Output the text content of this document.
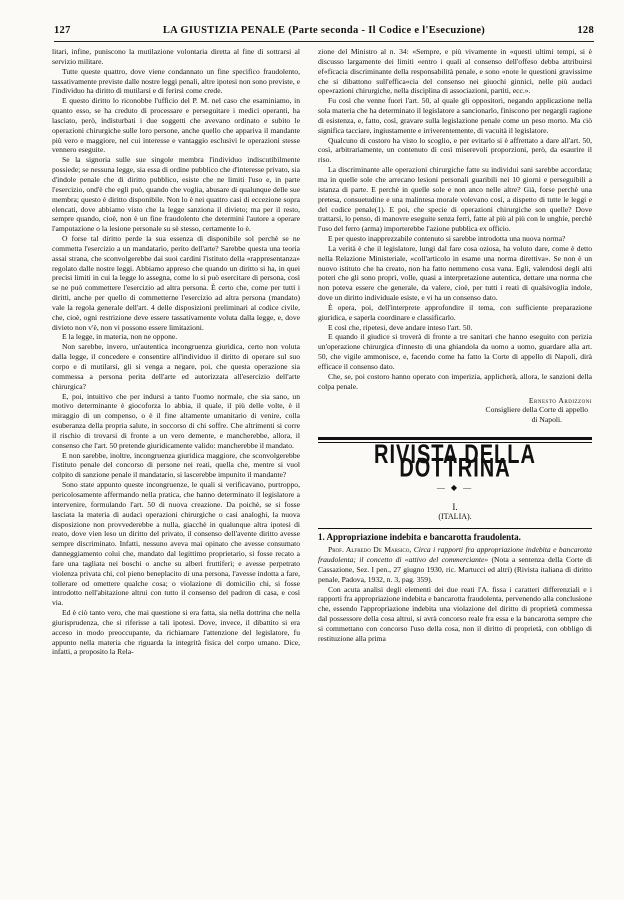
127	LA GIUSTIZIA PENALE (Parte seconda - Il Codice e l'Esecuzione)	128

litari, infine, puniscono la mutilazione volontaria diretta al fine di sottrarsi al servizio militare.

Tutte queste quattro, dove viene condannato un fine specifico fraudolento, tassativamente previste dalle nostre leggi penali, altre ipotesi non sono previste, e l'individuo ha diritto di mutilarsi e di ferirsi come crede.

E questo diritto lo riconobbe l'ufficio del P. M. nel caso che esaminiamo, in quanto esso, se ha creduto di processare e perseguitare i medici operanti, ha lasciato, però, indisturbati i due soggetti che avevano ordinato e subito le operazioni chirurgiche sulle loro persone, anche quello che appariva il mandante più vero e maggiore, nel cui interesse e vantaggio esclusivi le operazioni stesse vennero eseguite.

Se la signoria sulle sue singole membra l'individuo indiscutibilmente possiede; se nessuna legge, sia essa di ordine pubblico che d'interesse privato, sia d'indole penale che di diritto pubblico, esiste che ne limiti l'uso e, in parte l'esercizio, ond'è che egli può, quando che voglia, abusare di qualunque delle sue membra; questo è diritto disponibile. Non lo è nei quattro casi di eccezione sopra elencati, dove abbiamo visto che la legge sanziona il divieto; ma per il resto, sempre quando, cioè, non è un fine fraudolento che determini l'autore a operare l'amputazione o la lesione personale su sè stesso, certamente lo è.

O forse tal diritto perde la sua essenza di disponibile sol perchè se ne commetta l'esercizio a un mandatario, perito dell'arte? Sarebbe questa una teoria assai strana, che sconvolgerebbe dai suoi cardini l'istituto della «rappresentanza» regolato dalle nostre leggi. Abbiamo appreso che quando un diritto si ha, in quei precisi limiti in cui la legge lo assegna, come lo si può esercitare di persona, così se ne può commettere l'esercizio ad altra persona. È certo che, come per tutti i diritti, anche per quello di commetterne l'esercizio ad altra persona (mandato) vale la regola generale dell'art. 4 delle disposizioni preliminari al codice civile, che, cioè, ogni restrizione deve essere tassativamente voluta dalla legge, e, dove divieto non v'è, non vi possono essere limitazioni.

E la legge, in materia, non ne oppone.

Non sarebbe, invero, un'autentica incongruenza giuridica, certo non voluta dalla legge, il concedere e consentire all'individuo il diritto di operare sul suo corpo e di mutilarsi, gli si venga a negare, poi, che questa operazione sia commessa a persona perita dell'arte ed autorizzata all'esercizio dell'arte chirurgica?

E, poi, intuitivo che per indursi a tanto l'uomo normale, che sia sano, un motivo determinante è giocoforza lo abbia, il quale, il più delle volte, è il miraggio di un compenso, o è il fine altamente umanitario di venire, colla esuberanza della propria salute, in soccorso di chi soffre. Che altrimenti si corre il rischio di trovarsi di fronte a un vero demente, e mancherebbe, allora, il consenso che l'art. 50 pretende giuridicamente valido: mancherebbe il mandato.

E non sarebbe, inoltre, incongruenza giuridica maggiore, che sconvolgerebbe l'istituto penale del concorso di persone nei reati, quella che, mentre si vuol colpito di sanzione penale il mandatario, si lascerebbe impunito il mandante?

Sono state appunto queste incongruenze, le quali si verificavano, purtroppo, pericolosamente affermando nella pratica, che hanno determinato il legislatore a intervenire, formulando l'art. 50 di nuova creazione. Da poichè, se si fosse lasciata la materia di audaci operazioni chirurgiche o casi analoghi, la nuova disposizione non provvederebbe a nulla, giacchè in qualunque altra ipotesi di reato, dove vien leso un diritto del privato, il consenso dell'avente diritto avesse sempre discriminato. Infatti, nessuno aveva mai opinato che avesse consumato danneggiamento colui che, mandato dal legittimo proprietario, si fosse recato a fare una tagliata nei boschi o anche su alberi fruttiferi; e avesse perpetrato violenza privata chi, col pieno beneplacito di una persona, l'avesse indotta a fare, tollerare od omettere qualche cosa; o violazione di domicilio chi, si fosse introdotto nell'abitazione altrui con tutto il consenso del padron di casa, e così via.

Ed è ciò tanto vero, che mai questione si era fatta, sia nella dottrina che nella giurisprudenza, che si riferisse a tali ipotesi. Dove, invece, il dibattito si era acceso in modo preoccupante, da richiamare l'attenzione del legislatore, fu appunto nella materia che riguarda la integrità fisica del corpo umano. Dice, infatti, a proposito la Rela-

zione del Ministro al n. 34: «Sempre, e più vivamente in «questi ultimi tempi, si è discusso largamente dei limiti «entro i quali al consenso dell'offeso debba attribuirsi ef«ficacia discriminante della responsabilità penale, e sono «note le questioni gravissime che si dibattono sull'effica«cia del consenso nei giuochi ginnici, nelle più audaci ope«razioni chirurgiche, nella disciplina di associazioni, partiti, ecc.».

Fu così che venne fuori l'art. 50, al quale gli oppositori, negando applicazione nella sola materia che ha determinato il legislatore a sancionarlo, finiscono per negargli ragione di esistenza, e, fatto, così, gravare sulla legislazione penale come un peso morto. Ma ciò significa tacciare, ingiustamente e irriverentemente, di vacuità il legislatore.

Qualcuno di costoro ha visto lo scoglio, e per evitarlo si è affrettato a dare all'art. 50, così, arbitrariamente, un contenuto di così miserevoli proporzioni, però, da esaurire il riso.

La discriminante alle operazioni chirurgiche fatte su individui sani sarebbe accordata; ma in quelle sole che arrecano lesioni personali guaribili nei 10 giorni e perseguibili a istanza di parte. E perchè in quelle sole e non anco nelle altre? Già, forse perchè una pretesa, consuetudine e una malintesa morale volevano così, a dispetto di tutte le leggi e del codice penale(1). E poi, che specie di operazioni chirurgiche son quelle? Dove trattarsi, lo penso, di manovre eseguite senza ferri, fatte al più al più con le unghie, perchè l'uso del ferro (arma) importerebbe l'azione pubblica ex officio.

E per questo inapprezzabile contenuto si sarebbe introdotta una nuova norma?

La verità è che il legislatore, lungi dal fare cosa oziosa, ha voluto dare, come è detto nella Relazione Ministeriale, «coll'articolo in esame una norma direttiva». Se non è un nuovo istituto che ha creato, non ha fatto nemmeno cosa vana. Egli, valendosi degli alti poteri che gli sono propri, volle, quasi a interpretazione autentica, dettare una norma che non poteva essere che generale, da valere, cioè, per tutti i reati di qualsivoglia indole, dove un diritto individuale esiste, e vi ha un consenso dato.

È opera, poi, dell'interprete approfondire il tema, con sufficiente preparazione giuridica, e saperla coordinare e classificarlo.

E così che, ripetesi, deve andare inteso l'art. 50.

E quando il giudice si troverà di fronte a tre sanitari che hanno eseguito con perizia un'operazione chirurgica d'innesto di una ghiandola da uomo a uomo, guardare alla art. 50, che vigile ammonisce, e, facendo come ha fatto la Corte di appello di Napoli, dirà efficace il consenso dato.

Che, se, poi costoro hanno operato con imperizia, applicherà, allora, le sanzioni della colpa penale.

Ernesto Ardizzoni
Consigliere della Corte di appello
di Napoli.
RIVISTA DELLA DOTTRINA
— ◆ —
I.
(ITALIA).
1. Appropriazione indebita e bancarotta fraudolenta.

Prof. Alfredo De Marsico, Circa i rapporti fra appropriazione indebita e bancarotta fraudolenta; il concetto di «attivo del commerciante» (Nota a sentenza della Corte di Cassazione, Sez. I pen., 27 giugno 1930, ric. Martucci ed altri) (Rivista italiana di diritto penale, Padova, 1932, n. 3, pag. 359).

Con acuta analisi degli elementi dei due reati l'A. fissa i caratteri differenziali e i rapporti fra appropriazione indebita e bancarotta fraudolenta, pervenendo alla conclusione che, essendo l'appropriazione indebita una violazione del diritto di proprietà commessa dal possessore della cosa altrui, si avrà concorso reale fra essa e la bancarotta sempre che si commettano con concorso l'uso della cosa, non il diritto di proprietà, con obbligo di restituzione alla prima
